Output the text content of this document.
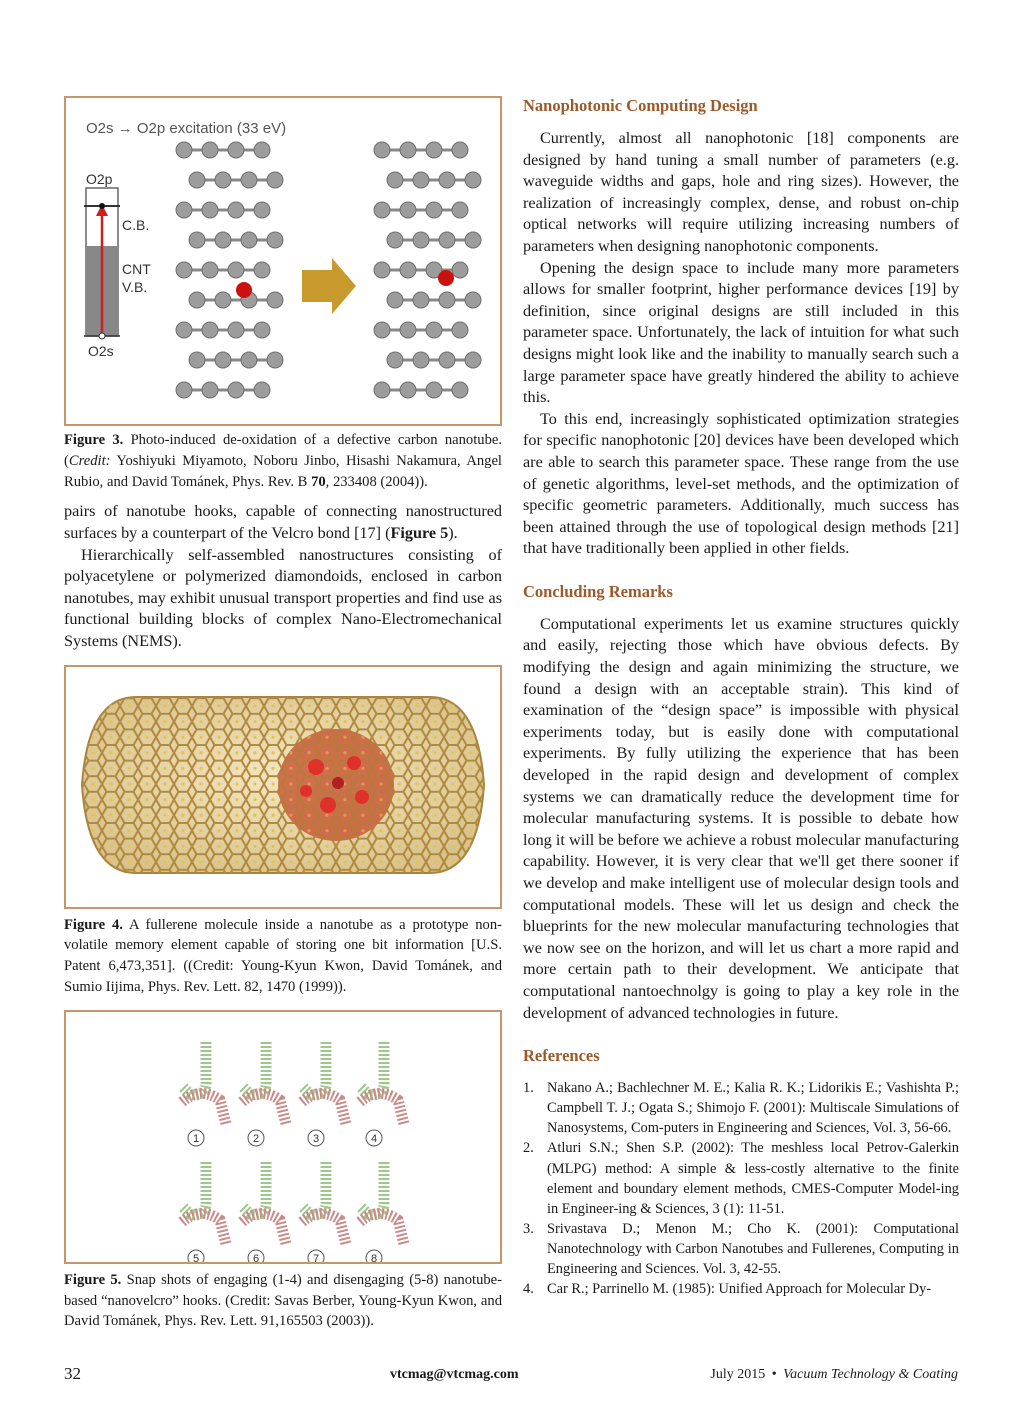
O2s → O2p excitation (33 eV)
O2p
C.B.
CNT
V.B.
O2s

Figure 3. Photo-induced de-oxidation of a defective carbon nanotube. (Credit: Yoshiyuki Miyamoto, Noboru Jinbo, Hisashi Nakamura, Angel Rubio, and David Tománek, Phys. Rev. B 70, 233408 (2004)).

pairs of nanotube hooks, capable of connecting nanostructured surfaces by a counterpart of the Velcro bond [17] (Figure 5).

Hierarchically self-assembled nanostructures consisting of polyacetylene or polymerized diamondoids, enclosed in carbon nanotubes, may exhibit unusual transport properties and find use as functional building blocks of complex Nano-Electromechanical Systems (NEMS).

Figure 4. A fullerene molecule inside a nanotube as a prototype non-volatile memory element capable of storing one bit information [U.S. Patent 6,473,351]. ((Credit: Young-Kyun Kwon, David Tománek, and Sumio Iijima, Phys. Rev. Lett. 82, 1470 (1999)).

1	2	3	4
5	6	7	8

Figure 5. Snap shots of engaging (1-4) and disengaging (5-8) nanotube-based “nanovelcro” hooks. (Credit: Savas Berber, Young-Kyun Kwon, and David Tománek, Phys. Rev. Lett. 91,165503 (2003)).

Nanophotonic Computing Design

Currently, almost all nanophotonic [18] components are designed by hand tuning a small number of parameters (e.g. waveguide widths and gaps, hole and ring sizes). However, the realization of increasingly complex, dense, and robust on-chip optical networks will require utilizing increasing numbers of parameters when designing nanophotonic components.

Opening the design space to include many more parameters allows for smaller footprint, higher performance devices [19] by definition, since original designs are still included in this parameter space. Unfortunately, the lack of intuition for what such designs might look like and the inability to manually search such a large parameter space have greatly hindered the ability to achieve this.

To this end, increasingly sophisticated optimization strategies for specific nanophotonic [20] devices have been developed which are able to search this parameter space. These range from the use of genetic algorithms, level-set methods, and the optimization of specific geometric parameters. Additionally, much success has been attained through the use of topological design methods [21] that have traditionally been applied in other fields.

Concluding Remarks

Computational experiments let us examine structures quickly and easily, rejecting those which have obvious defects. By modifying the design and again minimizing the structure, we found a design with an acceptable strain). This kind of examination of the “design space” is impossible with physical experiments today, but is easily done with computational experiments. By fully utilizing the experience that has been developed in the rapid design and development of complex systems we can dramatically reduce the development time for molecular manufacturing systems. It is possible to debate how long it will be before we achieve a robust molecular manufacturing capability. However, it is very clear that we'll get there sooner if we develop and make intelligent use of molecular design tools and computational models. These will let us design and check the blueprints for the new molecular manufacturing technologies that we now see on the horizon, and will let us chart a more rapid and more certain path to their development. We anticipate that computational nantoechnolgy is going to play a key role in the development of advanced technologies in future.

References
1. Nakano A.; Bachlechner M. E.; Kalia R. K.; Lidorikis E.; Vashishta P.; Campbell T. J.; Ogata S.; Shimojo F. (2001): Multiscale Simulations of Nanosystems, Com-puters in Engineering and Sciences, Vol. 3, 56-66.
2. Atluri S.N.; Shen S.P. (2002): The meshless local Petrov-Galerkin (MLPG) method: A simple & less-costly alternative to the finite element and boundary element methods, CMES-Computer Model-ing in Engineer-ing & Sciences, 3 (1): 11-51.
3. Srivastava D.; Menon M.; Cho K. (2001): Computational Nanotechnology with Carbon Nanotubes and Fullerenes, Computing in Engineering and Sciences. Vol. 3, 42-55.
4. Car R.; Parrinello M. (1985): Unified Approach for Molecular Dy-
32	vtcmag@vtcmag.com	July 2015 • Vacuum Technology & Coating
